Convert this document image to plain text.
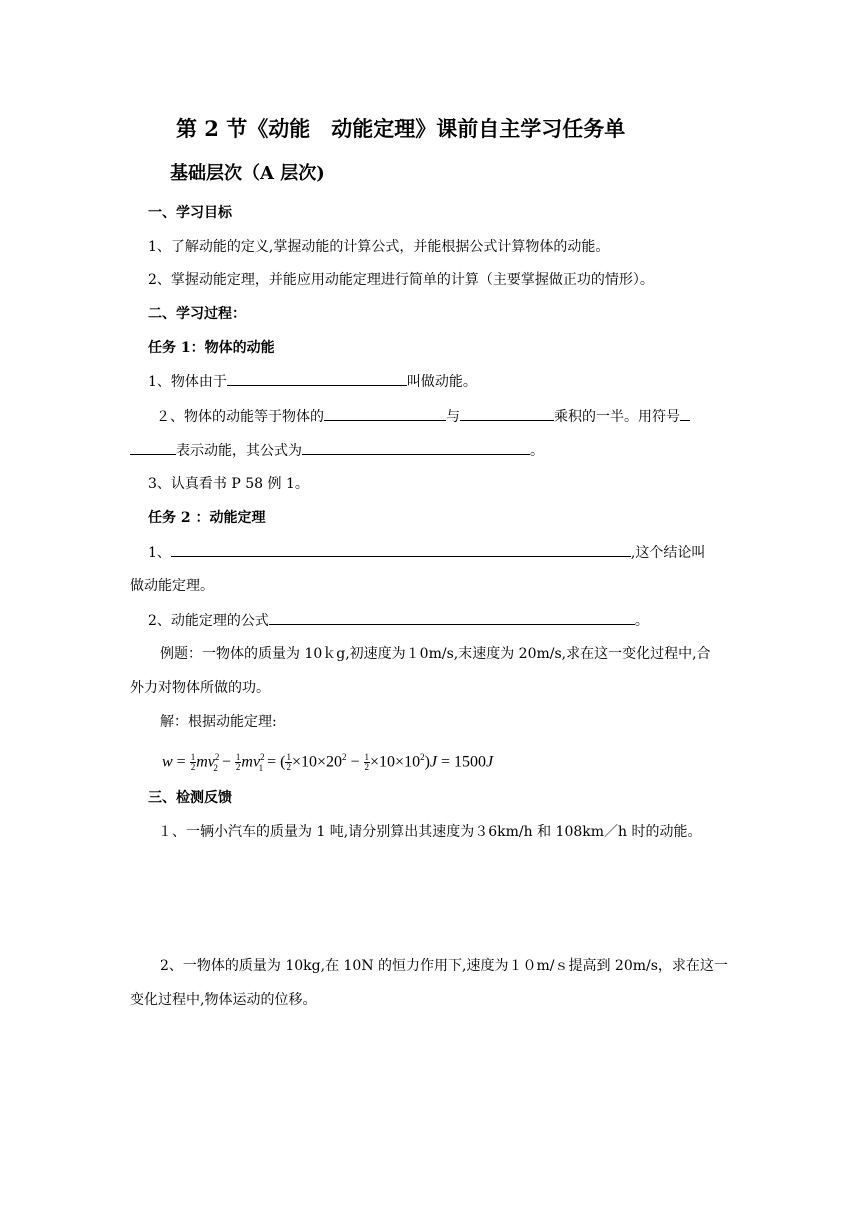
第 2 节《动能　动能定理》课前自主学习任务单
基础层次（A 层次)
一、学习目标
1、了解动能的定义,掌握动能的计算公式，并能根据公式计算物体的动能。
2、掌握动能定理，并能应用动能定理进行简单的计算（主要掌握做正功的情形）。
二、学习过程：
任务 1：物体的动能
1、物体由于	叫做动能。
２、物体的动能等于物体的	与	乘积的一半。用符号
表示动能，其公式为	。
3、认真看书 P 58 例 1。
任务 2 ：动能定理
1、	,这个结论叫
做动能定理。
2、动能定理的公式	。
例题：一物体的质量为 10ｋg,初速度为１0m/s,末速度为 20m/s,求在这一变化过程中,合
外力对物体所做的功。
解：根据动能定理:
$w = \frac{1}{2} mv^2_2 - \frac{1}{2} mv^2_1$ = ( $\frac{1}{2} \times 10\times 20^2 - \frac{1}{2} \times 10\times 10^2)J = 1500J$
三、检测反馈
１、一辆小汽车的质量为 1 吨,请分别算出其速度为３6km/h 和 108km／h 时的动能。
2、一物体的质量为 10kg,在 10N 的恒力作用下,速度为１０m/ｓ提高到 20m/s，求在这一
变化过程中,物体运动的位移。
